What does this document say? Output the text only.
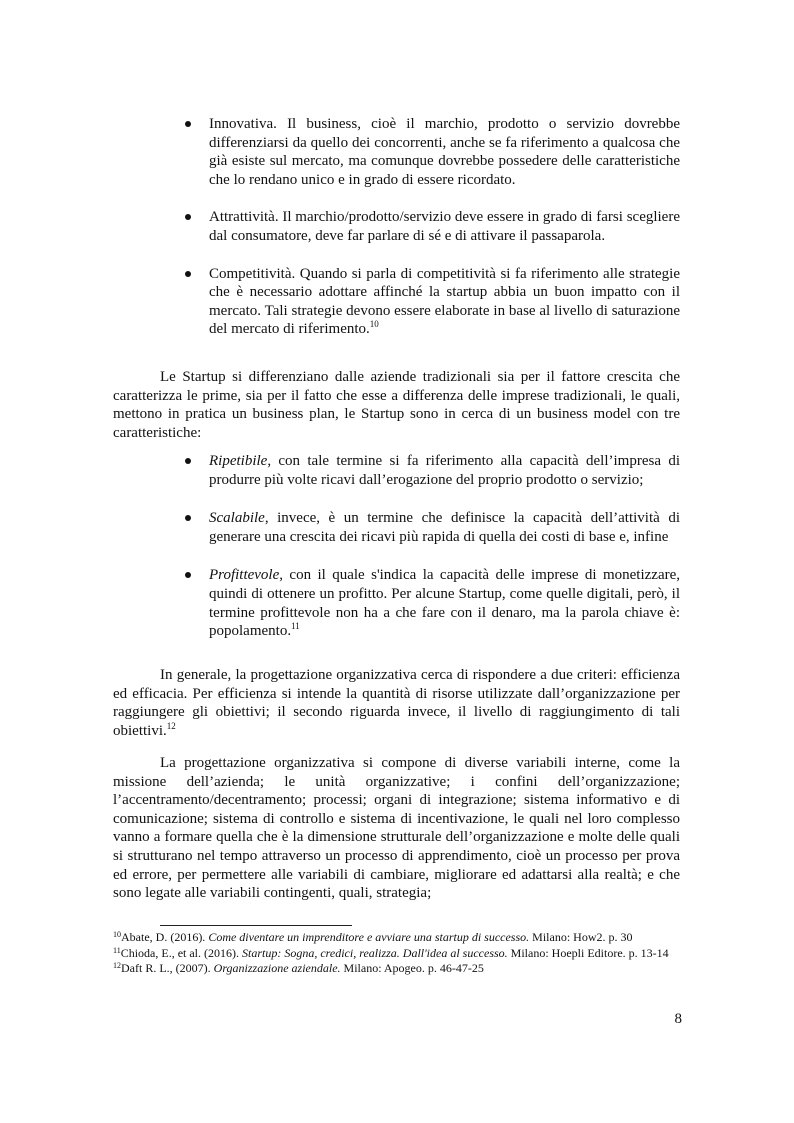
Innovativa. Il business, cioè il marchio, prodotto o servizio dovrebbe differenziarsi da quello dei concorrenti, anche se fa riferimento a qualcosa che già esiste sul mercato, ma comunque dovrebbe possedere delle caratteristiche che lo rendano unico e in grado di essere ricordato.
Attrattività. Il marchio/prodotto/servizio deve essere in grado di farsi scegliere dal consumatore, deve far parlare di sé e di attivare il passaparola.
Competitività. Quando si parla di competitività si fa riferimento alle strategie che è necessario adottare affinché la startup abbia un buon impatto con il mercato. Tali strategie devono essere elaborate in base al livello di saturazione del mercato di riferimento.$^{10}$

Le Startup si differenziano dalle aziende tradizionali sia per il fattore crescita che caratterizza le prime, sia per il fatto che esse a differenza delle imprese tradizionali, le quali, mettono in pratica un business plan, le Startup sono in cerca di un business model con tre caratteristiche:

Ripetibile, con tale termine si fa riferimento alla capacità dell’impresa di produrre più volte ricavi dall’erogazione del proprio prodotto o servizio;
Scalabile, invece, è un termine che definisce la capacità dell’attività di generare una crescita dei ricavi più rapida di quella dei costi di base e, infine
Profittevole, con il quale s'indica la capacità delle imprese di monetizzare, quindi di ottenere un profitto. Per alcune Startup, come quelle digitali, però, il termine profittevole non ha a che fare con il denaro, ma la parola chiave è: popolamento.$^{11}$

In generale, la progettazione organizzativa cerca di rispondere a due criteri: efficienza ed efficacia. Per efficienza si intende la quantità di risorse utilizzate dall’organizzazione per raggiungere gli obiettivi; il secondo riguarda invece, il livello di raggiungimento di tali obiettivi.$^{12}$

La progettazione organizzativa si compone di diverse variabili interne, come la missione dell’azienda; le unità organizzative; i confini dell’organizzazione; l’accentramento/decentramento; processi; organi di integrazione; sistema informativo e di comunicazione; sistema di controllo e sistema di incentivazione, le quali nel loro complesso vanno a formare quella che è la dimensione strutturale dell’organizzazione e molte delle quali si strutturano nel tempo attraverso un processo di apprendimento, cioè un processo per prova ed errore, per permettere alle variabili di cambiare, migliorare ed adattarsi alla realtà; e che sono legate alle variabili contingenti, quali, strategia;

$^{10}$Abate, D. (2016). Come diventare un imprenditore e avviare una startup di successo. Milano: How2. p. 30

$^{11}$Chioda, E., et al. (2016). Startup: Sogna, credici, realizza. Dall'idea al successo. Milano: Hoepli Editore. p. 13-14

$^{12}$Daft R. L., (2007). Organizzazione aziendale. Milano: Apogeo. p. 46-47-25

8
